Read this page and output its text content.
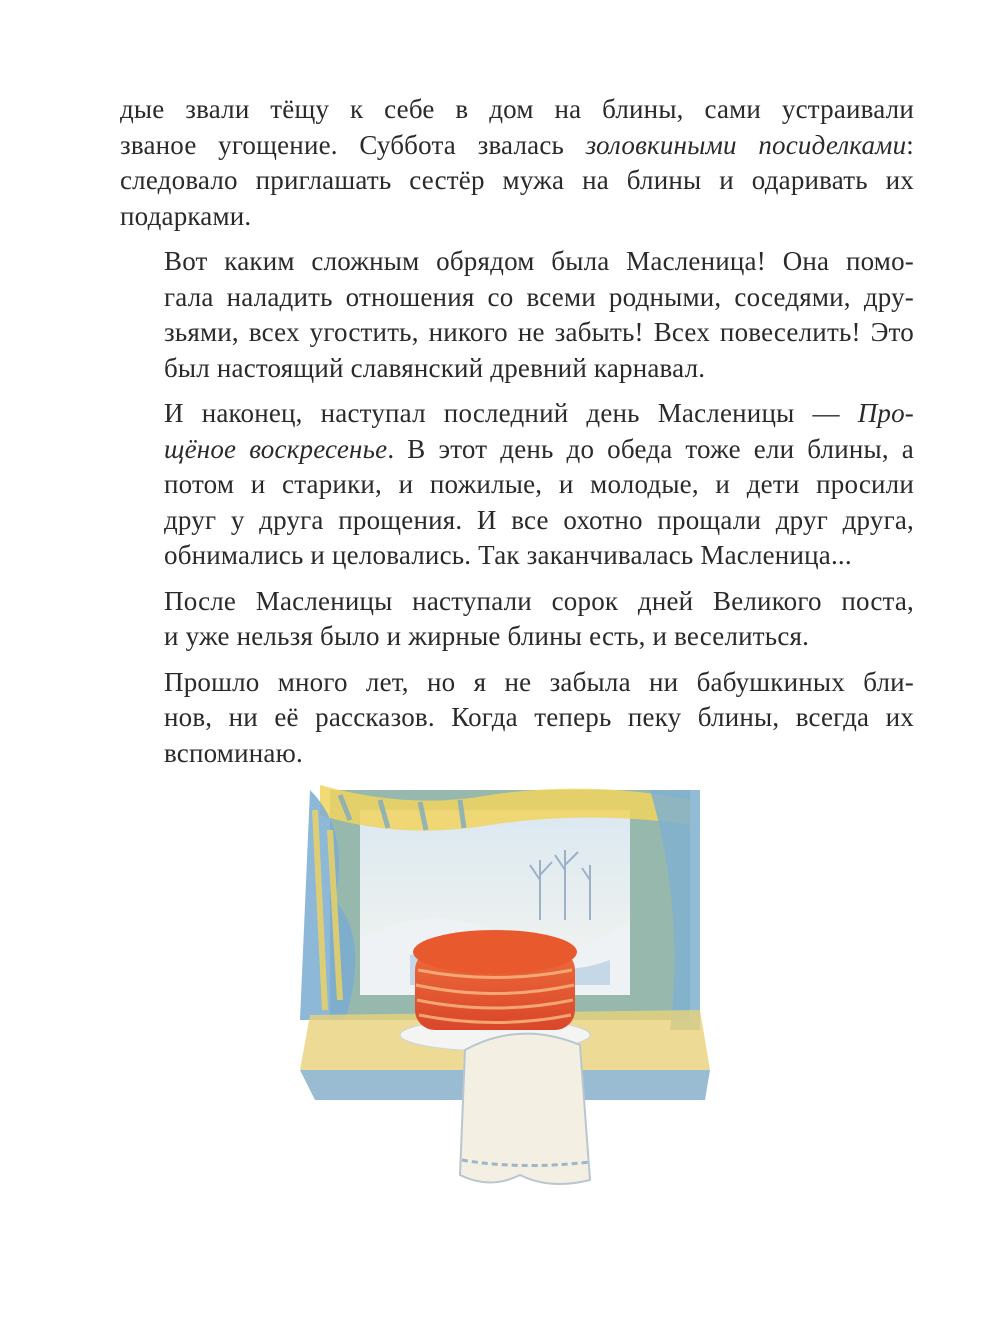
дые звали тёщу к себе в дом на блины, сами устраивали
званое угощение. Суббота звалась золовкиными посиделками:
следовало приглашать сестёр мужа на блины и одаривать их
подарками.

Вот каким сложным обрядом была Масленица! Она помо-
гала наладить отношения со всеми родными, соседями, дру-
зьями, всех угостить, никого не забыть! Всех повеселить! Это
был настоящий славянский древний карнавал.

И наконец, наступал последний день Масленицы — Про-
щёное воскресенье. В этот день до обеда тоже ели блины, а
потом и старики, и пожилые, и молодые, и дети просили
друг у друга прощения. И все охотно прощали друг друга,
обнимались и целовались. Так заканчивалась Масленица...

После Масленицы наступали сорок дней Великого поста,
и уже нельзя было и жирные блины есть, и веселиться.

Прошло много лет, но я не забыла ни бабушкиных бли-
нов, ни её рассказов. Когда теперь пеку блины, всегда их
вспоминаю.
